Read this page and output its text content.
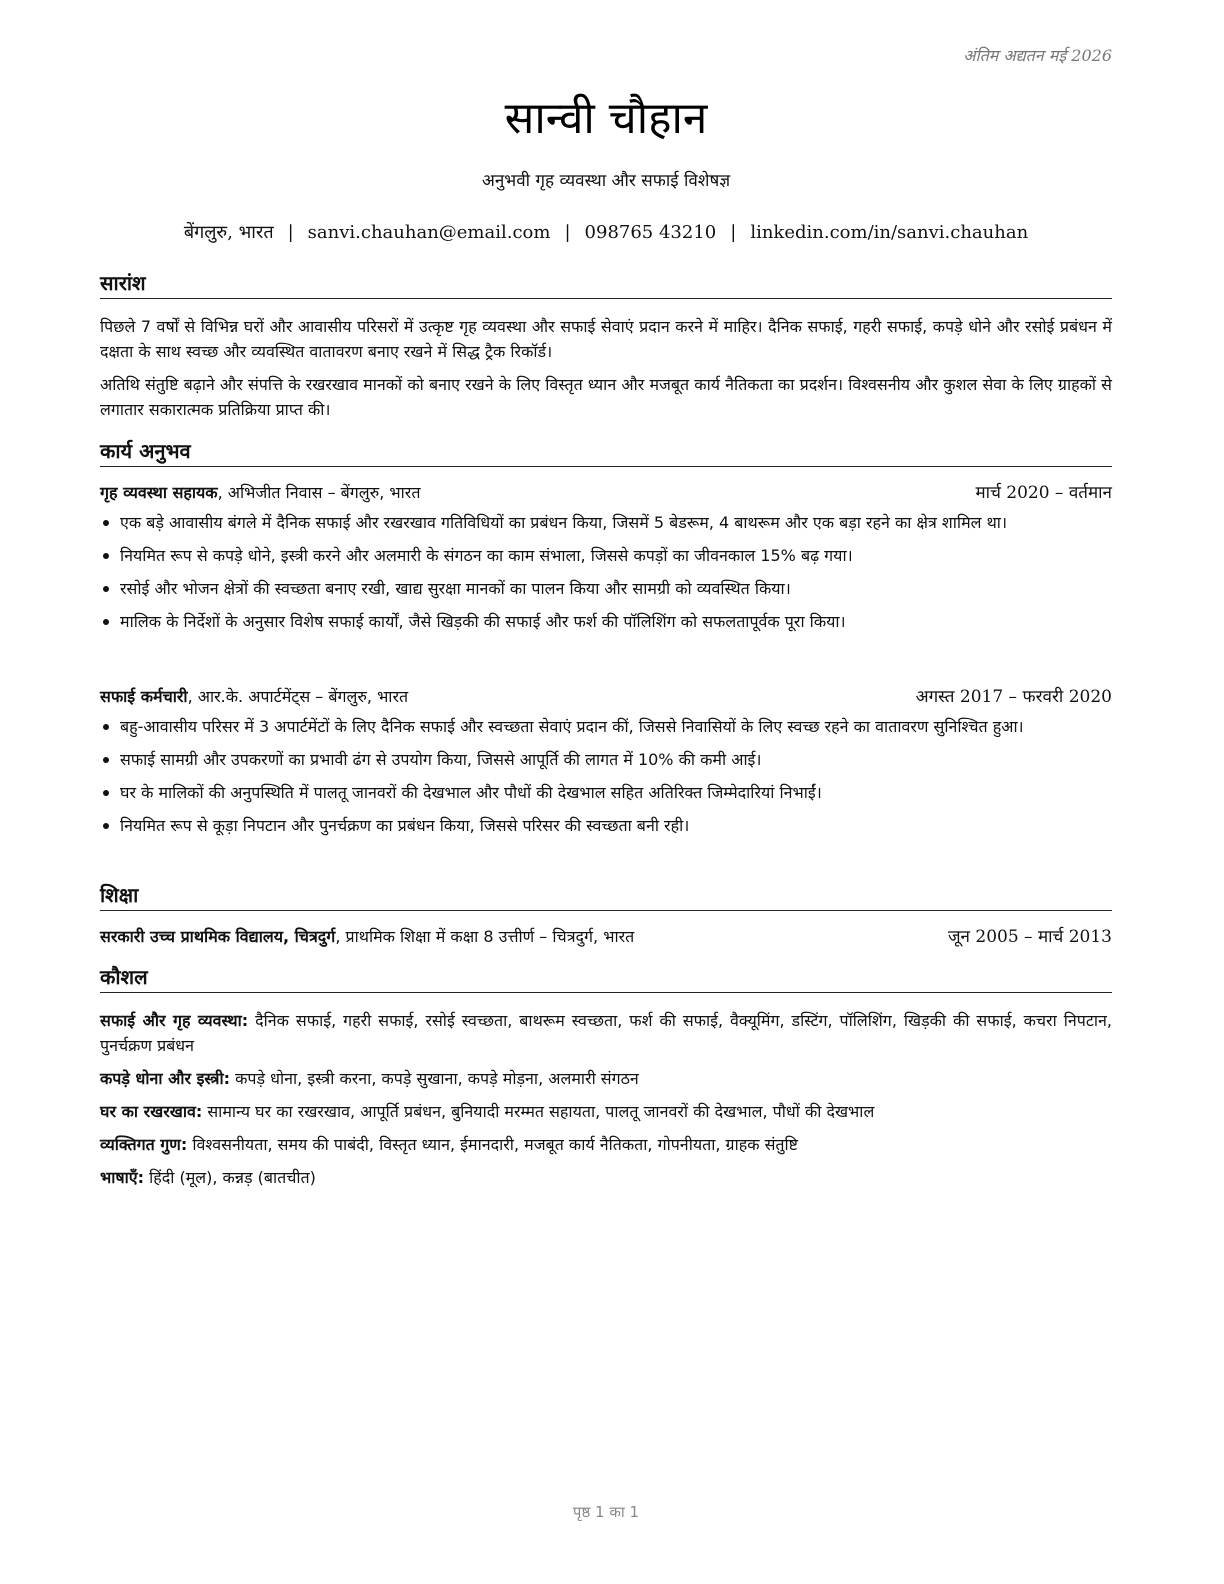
अंतिम अद्यतन मई 2026
सान्वी चौहान
अनुभवी गृह व्यवस्था और सफाई विशेषज्ञ
बेंगलुरु, भारत | sanvi.chauhan@email.com | 098765 43210 | linkedin.com/in/sanvi.chauhan
सारांश
पिछले 7 वर्षों से विभिन्न घरों और आवासीय परिसरों में उत्कृष्ट गृह व्यवस्था और सफाई सेवाएं प्रदान करने में माहिर। दैनिक सफाई, गहरी सफाई, कपड़े धोने और रसोई प्रबंधन में दक्षता के साथ स्वच्छ और व्यवस्थित वातावरण बनाए रखने में सिद्ध ट्रैक रिकॉर्ड।
अतिथि संतुष्टि बढ़ाने और संपत्ति के रखरखाव मानकों को बनाए रखने के लिए विस्तृत ध्यान और मजबूत कार्य नैतिकता का प्रदर्शन। विश्वसनीय और कुशल सेवा के लिए ग्राहकों से लगातार सकारात्मक प्रतिक्रिया प्राप्त की।
कार्य अनुभव
गृह व्यवस्था सहायक, अभिजीत निवास – बेंगलुरु, भारत	मार्च 2020 – वर्तमान
एक बड़े आवासीय बंगले में दैनिक सफाई और रखरखाव गतिविधियों का प्रबंधन किया, जिसमें 5 बेडरूम, 4 बाथरूम और एक बड़ा रहने का क्षेत्र शामिल था।
नियमित रूप से कपड़े धोने, इस्त्री करने और अलमारी के संगठन का काम संभाला, जिससे कपड़ों का जीवनकाल 15% बढ़ गया।
रसोई और भोजन क्षेत्रों की स्वच्छता बनाए रखी, खाद्य सुरक्षा मानकों का पालन किया और सामग्री को व्यवस्थित किया।
मालिक के निर्देशों के अनुसार विशेष सफाई कार्यों, जैसे खिड़की की सफाई और फर्श की पॉलिशिंग को सफलतापूर्वक पूरा किया।
सफाई कर्मचारी, आर.के. अपार्टमेंट्स – बेंगलुरु, भारत	अगस्त 2017 – फरवरी 2020
बहु-आवासीय परिसर में 3 अपार्टमेंटों के लिए दैनिक सफाई और स्वच्छता सेवाएं प्रदान कीं, जिससे निवासियों के लिए स्वच्छ रहने का वातावरण सुनिश्चित हुआ।
सफाई सामग्री और उपकरणों का प्रभावी ढंग से उपयोग किया, जिससे आपूर्ति की लागत में 10% की कमी आई।
घर के मालिकों की अनुपस्थिति में पालतू जानवरों की देखभाल और पौधों की देखभाल सहित अतिरिक्त जिम्मेदारियां निभाईं।
नियमित रूप से कूड़ा निपटान और पुनर्चक्रण का प्रबंधन किया, जिससे परिसर की स्वच्छता बनी रही।
शिक्षा
सरकारी उच्च प्राथमिक विद्यालय, चित्रदुर्ग, प्राथमिक शिक्षा में कक्षा 8 उत्तीर्ण – चित्रदुर्ग, भारत	जून 2005 – मार्च 2013
कौशल
सफाई और गृह व्यवस्था: दैनिक सफाई, गहरी सफाई, रसोई स्वच्छता, बाथरूम स्वच्छता, फर्श की सफाई, वैक्यूमिंग, डस्टिंग, पॉलिशिंग, खिड़की की सफाई, कचरा निपटान, पुनर्चक्रण प्रबंधन
कपड़े धोना और इस्त्री: कपड़े धोना, इस्त्री करना, कपड़े सुखाना, कपड़े मोड़ना, अलमारी संगठन
घर का रखरखाव: सामान्य घर का रखरखाव, आपूर्ति प्रबंधन, बुनियादी मरम्मत सहायता, पालतू जानवरों की देखभाल, पौधों की देखभाल
व्यक्तिगत गुण: विश्वसनीयता, समय की पाबंदी, विस्तृत ध्यान, ईमानदारी, मजबूत कार्य नैतिकता, गोपनीयता, ग्राहक संतुष्टि
भाषाएँ: हिंदी (मूल), कन्नड़ (बातचीत)
पृष्ठ 1 का 1
